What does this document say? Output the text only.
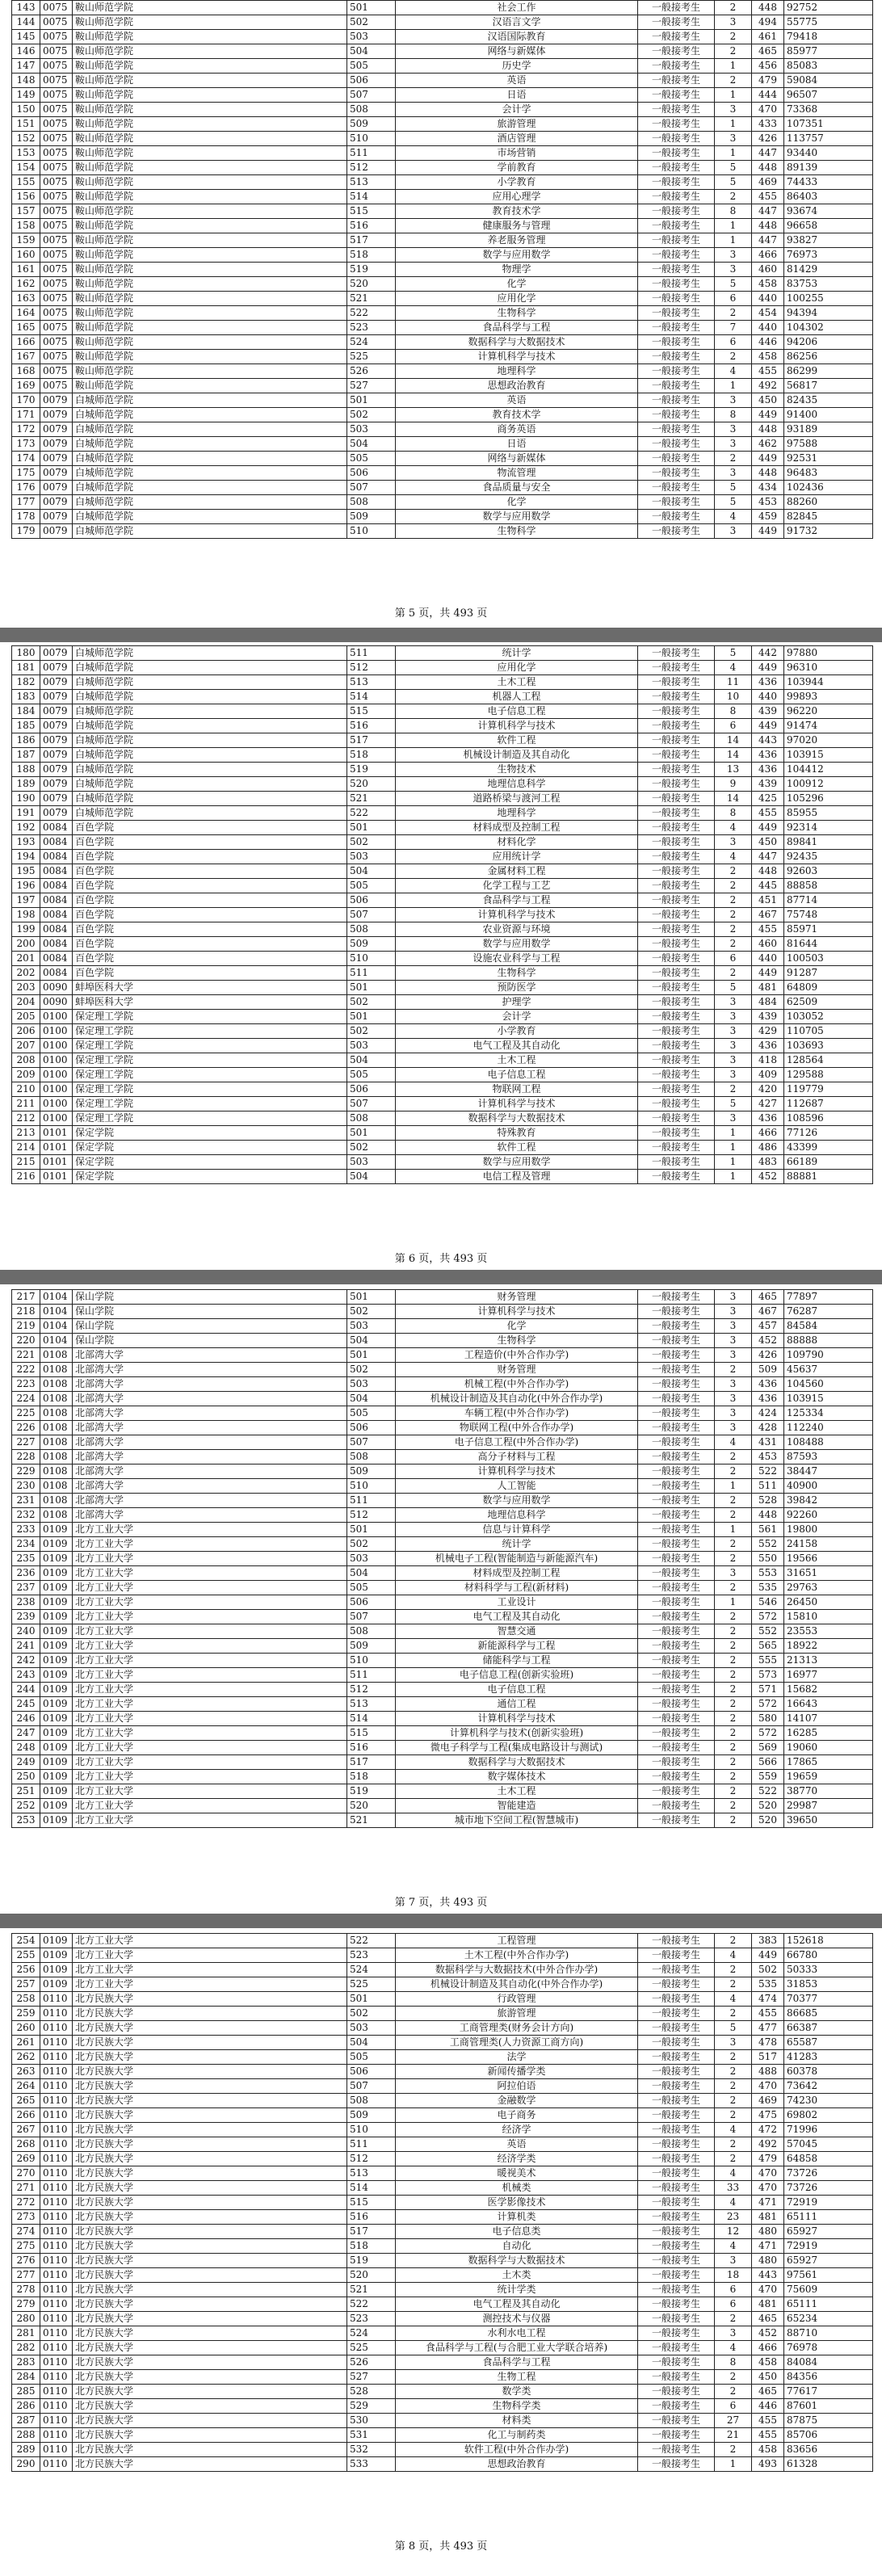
143	0075	鞍山师范学院	501	社会工作	一般接考生	2	448	92752
144	0075	鞍山师范学院	502	汉语言文学	一般接考生	3	494	55775
145	0075	鞍山师范学院	503	汉语国际教育	一般接考生	2	461	79418
146	0075	鞍山师范学院	504	网络与新媒体	一般接考生	2	465	85977
147	0075	鞍山师范学院	505	历史学	一般接考生	1	456	85083
148	0075	鞍山师范学院	506	英语	一般接考生	2	479	59084
149	0075	鞍山师范学院	507	日语	一般接考生	1	444	96507
150	0075	鞍山师范学院	508	会计学	一般接考生	3	470	73368
151	0075	鞍山师范学院	509	旅游管理	一般接考生	1	433	107351
152	0075	鞍山师范学院	510	酒店管理	一般接考生	3	426	113757
153	0075	鞍山师范学院	511	市场营销	一般接考生	1	447	93440
154	0075	鞍山师范学院	512	学前教育	一般接考生	5	448	89139
155	0075	鞍山师范学院	513	小学教育	一般接考生	5	469	74433
156	0075	鞍山师范学院	514	应用心理学	一般接考生	2	455	86403
157	0075	鞍山师范学院	515	教育技术学	一般接考生	8	447	93674
158	0075	鞍山师范学院	516	健康服务与管理	一般接考生	1	448	96658
159	0075	鞍山师范学院	517	养老服务管理	一般接考生	1	447	93827
160	0075	鞍山师范学院	518	数学与应用数学	一般接考生	3	466	76973
161	0075	鞍山师范学院	519	物理学	一般接考生	3	460	81429
162	0075	鞍山师范学院	520	化学	一般接考生	5	458	83753
163	0075	鞍山师范学院	521	应用化学	一般接考生	6	440	100255
164	0075	鞍山师范学院	522	生物科学	一般接考生	2	454	94394
165	0075	鞍山师范学院	523	食品科学与工程	一般接考生	7	440	104302
166	0075	鞍山师范学院	524	数据科学与大数据技术	一般接考生	6	446	94206
167	0075	鞍山师范学院	525	计算机科学与技术	一般接考生	2	458	86256
168	0075	鞍山师范学院	526	地理科学	一般接考生	4	455	86299
169	0075	鞍山师范学院	527	思想政治教育	一般接考生	1	492	56817
170	0079	白城师范学院	501	英语	一般接考生	3	450	82435
171	0079	白城师范学院	502	教育技术学	一般接考生	8	449	91400
172	0079	白城师范学院	503	商务英语	一般接考生	3	448	93189
173	0079	白城师范学院	504	日语	一般接考生	3	462	97588
174	0079	白城师范学院	505	网络与新媒体	一般接考生	2	449	92531
175	0079	白城师范学院	506	物流管理	一般接考生	3	448	96483
176	0079	白城师范学院	507	食品质量与安全	一般接考生	5	434	102436
177	0079	白城师范学院	508	化学	一般接考生	5	453	88260
178	0079	白城师范学院	509	数学与应用数学	一般接考生	4	459	82845
179	0079	白城师范学院	510	生物科学	一般接考生	3	449	91732
第 5 页，共 493 页
180	0079	白城师范学院	511	统计学	一般接考生	5	442	97880
181	0079	白城师范学院	512	应用化学	一般接考生	4	449	96310
182	0079	白城师范学院	513	土木工程	一般接考生	11	436	103944
183	0079	白城师范学院	514	机器人工程	一般接考生	10	440	99893
184	0079	白城师范学院	515	电子信息工程	一般接考生	8	439	96220
185	0079	白城师范学院	516	计算机科学与技术	一般接考生	6	449	91474
186	0079	白城师范学院	517	软件工程	一般接考生	14	443	97020
187	0079	白城师范学院	518	机械设计制造及其自动化	一般接考生	14	436	103915
188	0079	白城师范学院	519	生物技术	一般接考生	13	436	104412
189	0079	白城师范学院	520	地理信息科学	一般接考生	9	439	100912
190	0079	白城师范学院	521	道路桥梁与渡河工程	一般接考生	14	425	105296
191	0079	白城师范学院	522	地理科学	一般接考生	8	455	85955
192	0084	百色学院	501	材料成型及控制工程	一般接考生	4	449	92314
193	0084	百色学院	502	材料化学	一般接考生	3	450	89841
194	0084	百色学院	503	应用统计学	一般接考生	4	447	92435
195	0084	百色学院	504	金属材料工程	一般接考生	2	448	92603
196	0084	百色学院	505	化学工程与工艺	一般接考生	2	445	88858
197	0084	百色学院	506	食品科学与工程	一般接考生	2	451	87714
198	0084	百色学院	507	计算机科学与技术	一般接考生	2	467	75748
199	0084	百色学院	508	农业资源与环境	一般接考生	2	455	85971
200	0084	百色学院	509	数学与应用数学	一般接考生	2	460	81644
201	0084	百色学院	510	设施农业科学与工程	一般接考生	6	440	100503
202	0084	百色学院	511	生物科学	一般接考生	2	449	91287
203	0090	蚌埠医科大学	501	预防医学	一般接考生	5	481	64809
204	0090	蚌埠医科大学	502	护理学	一般接考生	3	484	62509
205	0100	保定理工学院	501	会计学	一般接考生	3	439	103052
206	0100	保定理工学院	502	小学教育	一般接考生	3	429	110705
207	0100	保定理工学院	503	电气工程及其自动化	一般接考生	3	436	103693
208	0100	保定理工学院	504	土木工程	一般接考生	3	418	128564
209	0100	保定理工学院	505	电子信息工程	一般接考生	3	409	129588
210	0100	保定理工学院	506	物联网工程	一般接考生	2	420	119779
211	0100	保定理工学院	507	计算机科学与技术	一般接考生	5	427	112687
212	0100	保定理工学院	508	数据科学与大数据技术	一般接考生	3	436	108596
213	0101	保定学院	501	特殊教育	一般接考生	1	466	77126
214	0101	保定学院	502	软件工程	一般接考生	1	486	43399
215	0101	保定学院	503	数学与应用数学	一般接考生	1	483	66189
216	0101	保定学院	504	电信工程及管理	一般接考生	1	452	88881
第 6 页，共 493 页
217	0104	保山学院	501	财务管理	一般接考生	3	465	77897
218	0104	保山学院	502	计算机科学与技术	一般接考生	3	467	76287
219	0104	保山学院	503	化学	一般接考生	3	457	84584
220	0104	保山学院	504	生物科学	一般接考生	3	452	88888
221	0108	北部湾大学	501	工程造价(中外合作办学)	一般接考生	3	426	109790
222	0108	北部湾大学	502	财务管理	一般接考生	2	509	45637
223	0108	北部湾大学	503	机械工程(中外合作办学)	一般接考生	3	436	104560
224	0108	北部湾大学	504	机械设计制造及其自动化(中外合作办学)	一般接考生	3	436	103915
225	0108	北部湾大学	505	车辆工程(中外合作办学)	一般接考生	3	424	125334
226	0108	北部湾大学	506	物联网工程(中外合作办学)	一般接考生	3	428	112240
227	0108	北部湾大学	507	电子信息工程(中外合作办学)	一般接考生	4	431	108488
228	0108	北部湾大学	508	高分子材料与工程	一般接考生	2	453	87593
229	0108	北部湾大学	509	计算机科学与技术	一般接考生	2	522	38447
230	0108	北部湾大学	510	人工智能	一般接考生	1	511	40900
231	0108	北部湾大学	511	数学与应用数学	一般接考生	2	528	39842
232	0108	北部湾大学	512	地理信息科学	一般接考生	2	448	92260
233	0109	北方工业大学	501	信息与计算科学	一般接考生	1	561	19800
234	0109	北方工业大学	502	统计学	一般接考生	2	552	24158
235	0109	北方工业大学	503	机械电子工程(智能制造与新能源汽车)	一般接考生	2	550	19566
236	0109	北方工业大学	504	材料成型及控制工程	一般接考生	3	553	31651
237	0109	北方工业大学	505	材料科学与工程(新材料)	一般接考生	2	535	29763
238	0109	北方工业大学	506	工业设计	一般接考生	1	546	26450
239	0109	北方工业大学	507	电气工程及其自动化	一般接考生	2	572	15810
240	0109	北方工业大学	508	智慧交通	一般接考生	2	552	23553
241	0109	北方工业大学	509	新能源科学与工程	一般接考生	2	565	18922
242	0109	北方工业大学	510	储能科学与工程	一般接考生	2	555	21313
243	0109	北方工业大学	511	电子信息工程(创新实验班)	一般接考生	2	573	16977
244	0109	北方工业大学	512	电子信息工程	一般接考生	2	571	15682
245	0109	北方工业大学	513	通信工程	一般接考生	2	572	16643
246	0109	北方工业大学	514	计算机科学与技术	一般接考生	2	580	14107
247	0109	北方工业大学	515	计算机科学与技术(创新实验班)	一般接考生	2	572	16285
248	0109	北方工业大学	516	微电子科学与工程(集成电路设计与测试)	一般接考生	2	569	19060
249	0109	北方工业大学	517	数据科学与大数据技术	一般接考生	2	566	17865
250	0109	北方工业大学	518	数字媒体技术	一般接考生	2	559	19659
251	0109	北方工业大学	519	土木工程	一般接考生	2	522	38770
252	0109	北方工业大学	520	智能建造	一般接考生	2	520	29987
253	0109	北方工业大学	521	城市地下空间工程(智慧城市)	一般接考生	2	520	39650
第 7 页，共 493 页
254	0109	北方工业大学	522	工程管理	一般接考生	2	383	152618
255	0109	北方工业大学	523	土木工程(中外合作办学)	一般接考生	4	449	66780
256	0109	北方工业大学	524	数据科学与大数据技术(中外合作办学)	一般接考生	2	502	50333
257	0109	北方工业大学	525	机械设计制造及其自动化(中外合作办学)	一般接考生	2	535	31853
258	0110	北方民族大学	501	行政管理	一般接考生	4	474	70377
259	0110	北方民族大学	502	旅游管理	一般接考生	2	455	86685
260	0110	北方民族大学	503	工商管理类(财务会计方向)	一般接考生	5	477	66387
261	0110	北方民族大学	504	工商管理类(人力资源工商方向)	一般接考生	3	478	65587
262	0110	北方民族大学	505	法学	一般接考生	2	517	41283
263	0110	北方民族大学	506	新闻传播学类	一般接考生	2	488	60378
264	0110	北方民族大学	507	阿拉伯语	一般接考生	2	470	73642
265	0110	北方民族大学	508	金融数学	一般接考生	2	469	74230
266	0110	北方民族大学	509	电子商务	一般接考生	2	475	69802
267	0110	北方民族大学	510	经济学	一般接考生	4	472	71996
268	0110	北方民族大学	511	英语	一般接考生	2	492	57045
269	0110	北方民族大学	512	经济学类	一般接考生	2	479	64858
270	0110	北方民族大学	513	暖视美术	一般接考生	4	470	73726
271	0110	北方民族大学	514	机械类	一般接考生	33	470	73726
272	0110	北方民族大学	515	医学影像技术	一般接考生	4	471	72919
273	0110	北方民族大学	516	计算机类	一般接考生	23	481	65111
274	0110	北方民族大学	517	电子信息类	一般接考生	12	480	65927
275	0110	北方民族大学	518	自动化	一般接考生	4	471	72919
276	0110	北方民族大学	519	数据科学与大数据技术	一般接考生	3	480	65927
277	0110	北方民族大学	520	土木类	一般接考生	18	443	97561
278	0110	北方民族大学	521	统计学类	一般接考生	6	470	75609
279	0110	北方民族大学	522	电气工程及其自动化	一般接考生	6	481	65111
280	0110	北方民族大学	523	测控技术与仪器	一般接考生	2	465	65234
281	0110	北方民族大学	524	水利水电工程	一般接考生	3	452	88710
282	0110	北方民族大学	525	食品科学与工程(与合肥工业大学联合培养)	一般接考生	4	466	76978
283	0110	北方民族大学	526	食品科学与工程	一般接考生	8	458	84084
284	0110	北方民族大学	527	生物工程	一般接考生	2	450	84356
285	0110	北方民族大学	528	数学类	一般接考生	2	465	77617
286	0110	北方民族大学	529	生物科学类	一般接考生	6	446	87601
287	0110	北方民族大学	530	材料类	一般接考生	27	455	87875
288	0110	北方民族大学	531	化工与制药类	一般接考生	21	455	85706
289	0110	北方民族大学	532	软件工程(中外合作办学)	一般接考生	2	458	83656
290	0110	北方民族大学	533	思想政治教育	一般接考生	1	493	61328
第 8 页，共 493 页
